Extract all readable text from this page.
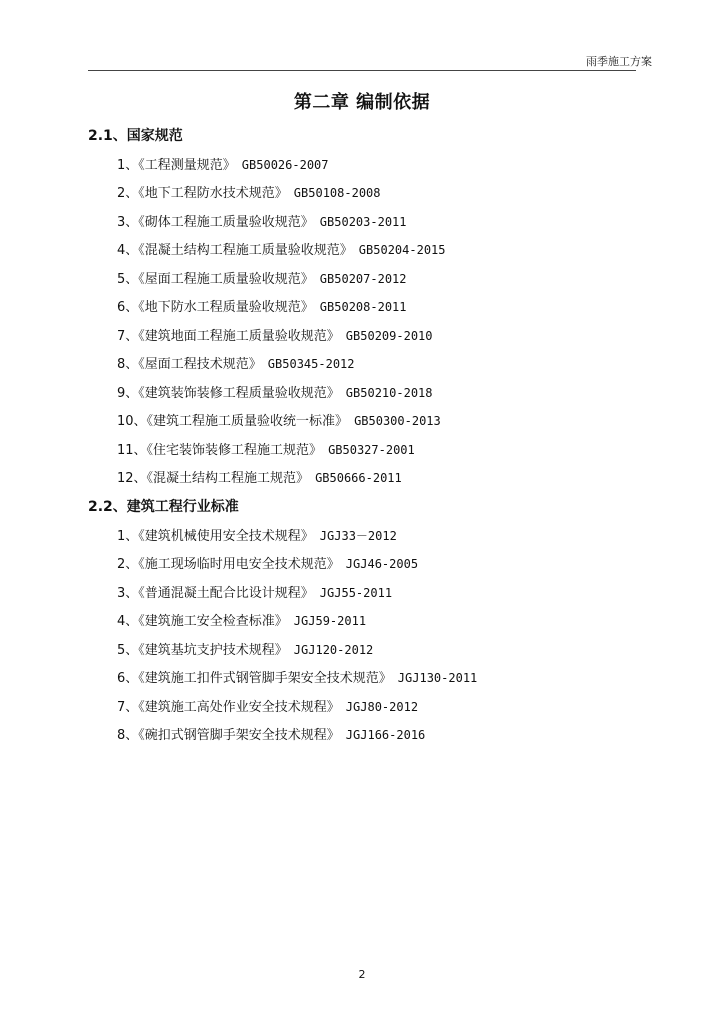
雨季施工方案
第二章 编制依据
2.1、国家规范
1、《工程测量规范》 GB50026-2007
2、《地下工程防水技术规范》 GB50108-2008
3、《砌体工程施工质量验收规范》 GB50203-2011
4、《混凝土结构工程施工质量验收规范》 GB50204-2015
5、《屋面工程施工质量验收规范》 GB50207-2012
6、《地下防水工程质量验收规范》 GB50208-2011
7、《建筑地面工程施工质量验收规范》 GB50209-2010
8、《屋面工程技术规范》 GB50345-2012
9、《建筑装饰装修工程质量验收规范》 GB50210-2018
10、《建筑工程施工质量验收统一标准》 GB50300-2013
11、《住宅装饰装修工程施工规范》 GB50327-2001
12、《混凝土结构工程施工规范》 GB50666-2011
2.2、建筑工程行业标准
1、《建筑机械使用安全技术规程》 JGJ33－2012
2、《施工现场临时用电安全技术规范》 JGJ46-2005
3、《普通混凝土配合比设计规程》 JGJ55-2011
4、《建筑施工安全检查标准》 JGJ59-2011
5、《建筑基坑支护技术规程》 JGJ120-2012
6、《建筑施工扣件式钢管脚手架安全技术规范》 JGJ130-2011
7、《建筑施工高处作业安全技术规程》 JGJ80-2012
8、《碗扣式钢管脚手架安全技术规程》 JGJ166-2016
2
